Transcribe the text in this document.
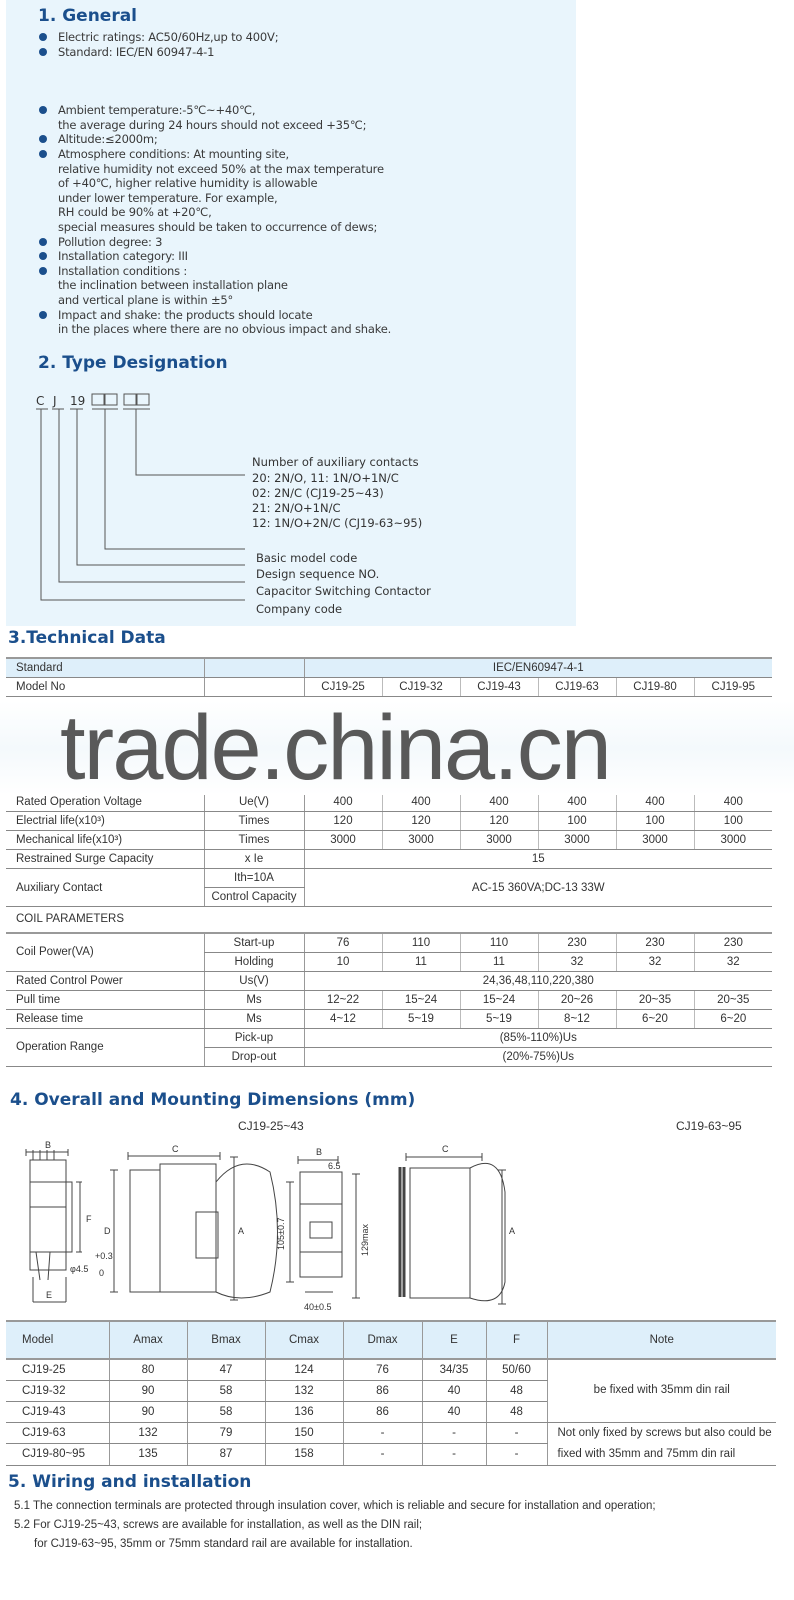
1. General
Electric ratings: AC50/60Hz,up to 400V;
Standard: IEC/EN 60947-4-1
Ambient temperature:-5℃~+40℃,
the average during 24 hours should not exceed +35℃;
Altitude:≤2000m;
Atmosphere conditions: At mounting site,
relative humidity not exceed 50% at the max temperature
of +40℃, higher relative humidity is allowable
under lower temperature. For example,
RH could be 90% at +20℃,
special measures should be taken to occurrence of dews;
Pollution degree: 3
Installation category: III
Installation conditions :
the inclination between installation plane
and vertical plane is within ±5°
Impact and shake: the products should locate
in the places where there are no obvious impact and shake.
2. Type Designation
C J 19
Number of auxiliary contacts
20: 2N/O, 11: 1N/O+1N/C
02: 2N/C (CJ19-25~43)
21: 2N/O+1N/C
12: 1N/O+2N/C (CJ19-63~95)
Basic model code
Design sequence NO.
Capacitor Switching Contactor
Company code
3.Technical Data
Standard		IEC/EN60947-4-1					
Model No		CJ19-25	CJ19-32	CJ19-43	CJ19-63	CJ19-80	CJ19-95

Rated Operation Voltage	Ue(V)	400	400	400	400	400	400
Electrial life(x10³)	Times	120	120	120	100	100	100
Mechanical life(x10³)	Times	3000	3000	3000	3000	3000	3000
Restrained Surge Capacity	x Ie	15					
Auxiliary Contact	Ith=10A	AC-15 360VA;DC-13 33W					
	Control Capacity						
COIL PARAMETERS							
Coil Power(VA)	Start-up	76	110	110	230	230	230
	Holding	10	11	11	32	32	32
Rated Control Power	Us(V)	24,36,48,110,220,380					
Pull time	Ms	12~22	15~24	15~24	20~26	20~35	20~35
Release time	Ms	4~12	5~19	5~19	8~12	6~20	6~20
Operation Range	Pick-up	(85%-110%)Us					
	Drop-out	(20%-75%)Us					
trade.china.cn
4. Overall and Mounting Dimensions (mm)
CJ19-25~43	CJ19-63~95
B
F
E
φ4.5
+0.3
0
C
D	A
B
6.5
40±0.5
C
A
105±0.7	129max
Model	Amax	Bmax	Cmax	Dmax	E	F	Note
CJ19-25	80	47	124	76	34/35	50/60	be fixed with 35mm din rail
CJ19-32	90	58	132	86	40	48	
CJ19-43	90	58	136	86	40	48	
CJ19-63	132	79	150	-	-	-	Not only fixed by screws but also could be fixed with 35mm and 75mm din rail
CJ19-80~95	135	87	158	-	-	-	
5. Wiring and installation
5.1 The connection terminals are protected through insulation cover, which is reliable and secure for installation and operation;
5.2 For CJ19-25~43, screws are available for installation, as well as the DIN rail;
for CJ19-63~95, 35mm or 75mm standard rail are available for installation.
